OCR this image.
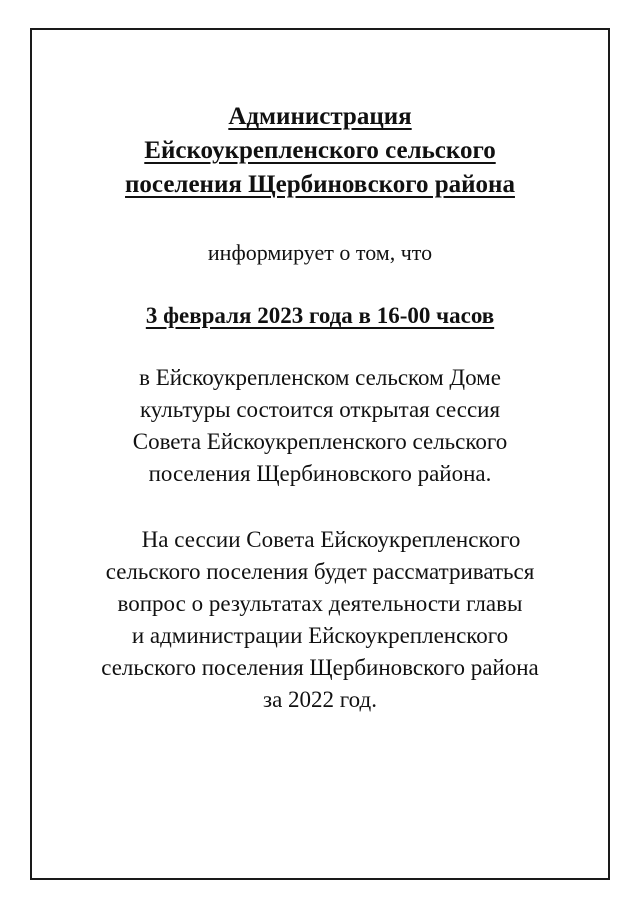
Администрация
Ейскоукрепленского сельского
поселения Щербиновского района
информирует о том, что
3 февраля 2023 года в 16-00 часов
в Ейскоукрепленском сельском Доме
культуры состоится открытая сессия
Совета Ейскоукрепленского сельского
поселения Щербиновского района.
На сессии Совета Ейскоукрепленского
сельского поселения будет рассматриваться
вопрос о результатах деятельности главы
и администрации Ейскоукрепленского
сельского поселения Щербиновского района
за 2022 год.
